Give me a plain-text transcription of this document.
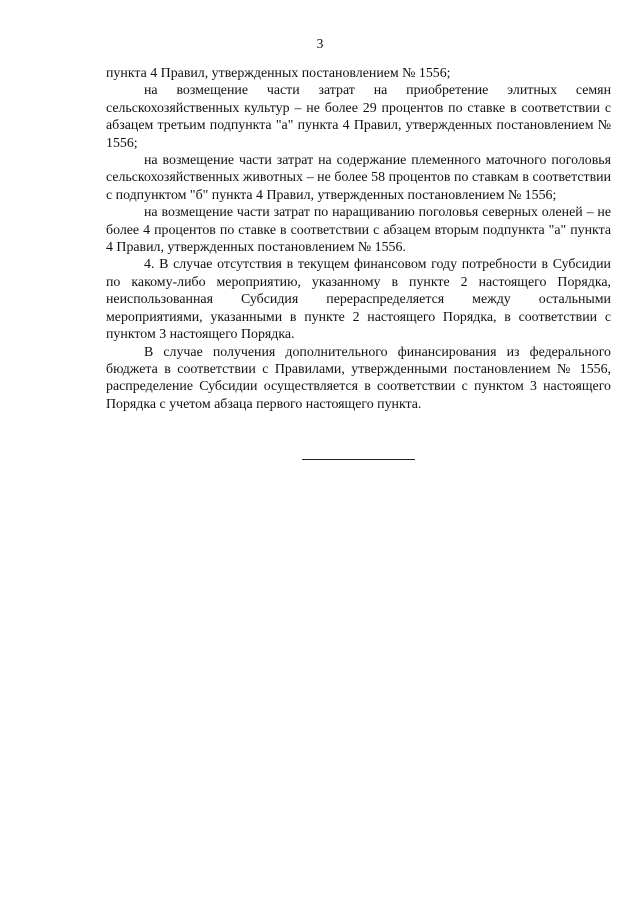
3

пункта 4 Правил, утвержденных постановлением № 1556;

на возмещение части затрат на приобретение элитных семян сельскохозяйственных культур – не более 29 процентов по ставке в соответствии с абзацем третьим подпункта "а" пункта 4 Правил, утвержденных постановлением № 1556;

на возмещение части затрат на содержание племенного маточного поголовья сельскохозяйственных животных – не более 58 процентов по ставкам в соответствии с подпунктом "б" пункта 4 Правил, утвержденных постановлением № 1556;

на возмещение части затрат по наращиванию поголовья северных оленей – не более 4 процентов по ставке в соответствии с абзацем вторым подпункта "а" пункта 4 Правил, утвержденных постановлением № 1556.

4. В случае отсутствия в текущем финансовом году потребности в Субсидии по какому-либо мероприятию, указанному в пункте 2 настоящего Порядка, неиспользованная Субсидия перераспределяется между остальными мероприятиями, указанными в пункте 2 настоящего Порядка, в соответствии с пунктом 3 настоящего Порядка.

В случае получения дополнительного финансирования из федерального бюджета в соответствии с Правилами, утвержденными постановлением № 1556, распределение Субсидии осуществляется в соответствии с пунктом 3 настоящего Порядка с учетом абзаца первого настоящего пункта.
